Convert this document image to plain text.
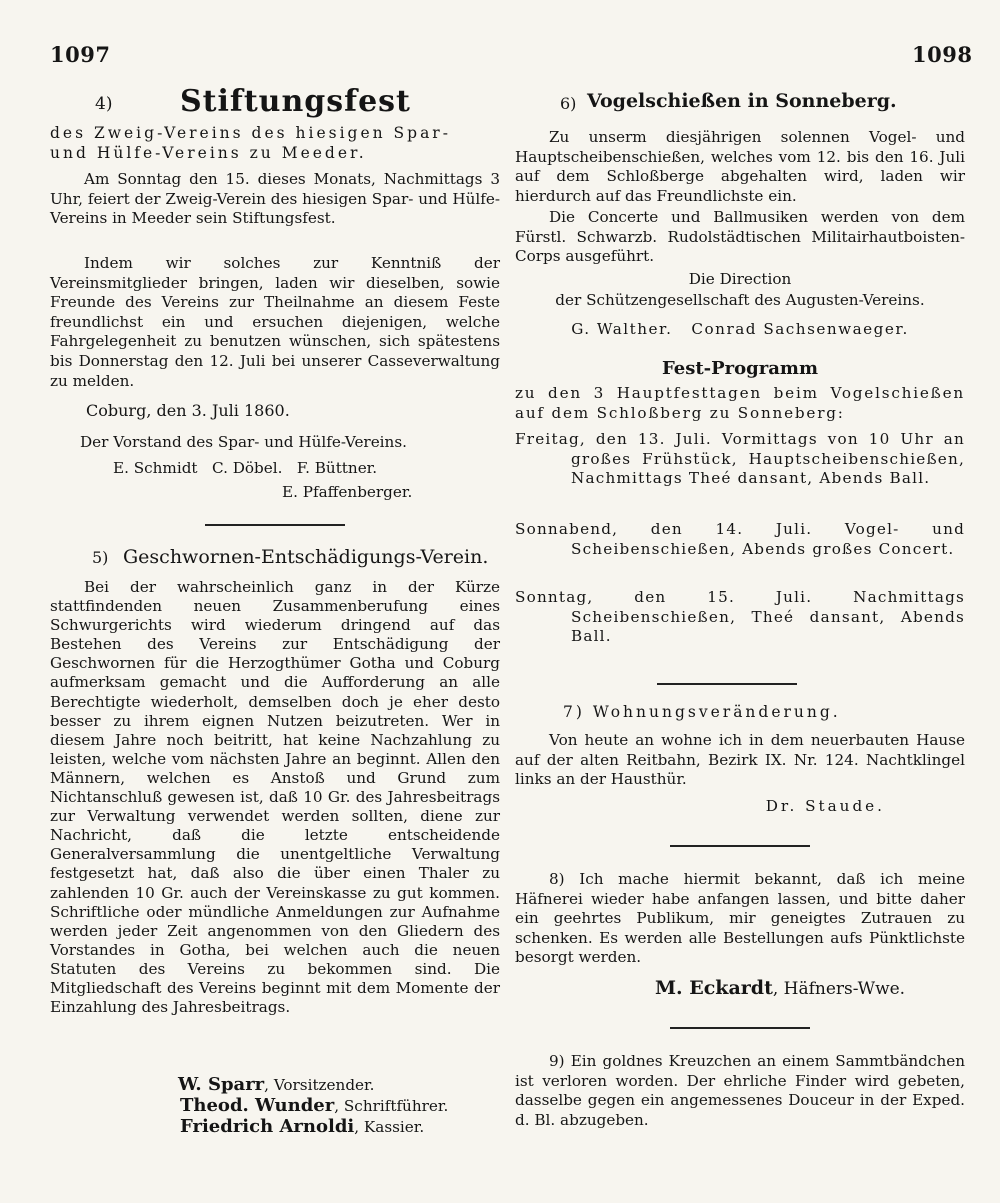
1097	1098
4) Stiftungsfest

des Zweig-Vereins des hiesigen Spar-

und Hülfe-Vereins zu Meeder.

Am Sonntag den 15. dieses Monats, Nachmittags 3 Uhr, feiert der Zweig-Verein des hiesigen Spar- und Hülfe-Vereins in Meeder sein Stiftungsfest.

Indem wir solches zur Kenntniß der Vereinsmitglieder bringen, laden wir dieselben, sowie Freunde des Vereins zur Theilnahme an diesem Feste freundlichst ein und ersuchen diejenigen, welche Fahrgelegenheit zu benutzen wünschen, sich spätestens bis Donnerstag den 12. Juli bei unserer Casseverwaltung zu melden.

Coburg, den 3. Juli 1860.

Der Vorstand des Spar- und Hülfe-Vereins.

E. Schmidt   C. Döbel.   F. Büttner.

E. Pfaffenberger.

5) Geschwornen-Entschädigungs-Verein.

Bei der wahrscheinlich ganz in der Kürze stattfindenden neuen Zusammenberufung eines Schwurgerichts wird wiederum dringend auf das Bestehen des Vereins zur Entschädigung der Geschwornen für die Herzogthümer Gotha und Coburg aufmerksam gemacht und die Aufforderung an alle Berechtigte wiederholt, demselben doch je eher desto besser zu ihrem eignen Nutzen beizutreten. Wer in diesem Jahre noch beitritt, hat keine Nachzahlung zu leisten, welche vom nächsten Jahre an beginnt. Allen den Männern, welchen es Anstoß und Grund zum Nichtanschluß gewesen ist, daß 10 Gr. des Jahresbeitrags zur Verwaltung verwendet werden sollten, diene zur Nachricht, daß die letzte entscheidende Generalversammlung die unentgeltliche Verwaltung festgesetzt hat, daß also die über einen Thaler zu zahlenden 10 Gr. auch der Vereinskasse zu gut kommen. Schriftliche oder mündliche Anmeldungen zur Aufnahme werden jeder Zeit angenommen von den Gliedern des Vorstandes in Gotha, bei welchen auch die neuen Statuten des Vereins zu bekommen sind. Die Mitgliedschaft des Vereins beginnt mit dem Momente der Einzahlung des Jahresbeitrags.

W. Sparr, Vorsitzender.

Theod. Wunder, Schriftführer.

Friedrich Arnoldi, Kassier.

6) Vogelschießen in Sonneberg.

Zu unserm diesjährigen solennen Vogel- und Hauptscheibenschießen, welches vom 12. bis den 16. Juli auf dem Schloßberge abgehalten wird, laden wir hierdurch auf das Freundlichste ein.

Die Concerte und Ballmusiken werden von dem Fürstl. Schwarzb. Rudolstädtischen Militairhautboisten-Corps ausgeführt.

Die Direction

der Schützengesellschaft des Augusten-Vereins.

G. Walther.   Conrad Sachsenwaeger.

Fest-Programm

zu den 3 Hauptfesttagen beim Vogelschießen auf dem Schloßberg zu Sonneberg:

Freitag, den 13. Juli. Vormittags von 10 Uhr an großes Frühstück, Hauptscheibenschießen, Nachmittags Theé dansant, Abends Ball.

Sonnabend, den 14. Juli. Vogel- und Scheibenschießen, Abends großes Concert.

Sonntag, den 15. Juli. Nachmittags Scheibenschießen, Theé dansant, Abends Ball.

7) Wohnungsveränderung.

Von heute an wohne ich in dem neuerbauten Hause auf der alten Reitbahn, Bezirk IX. Nr. 124. Nachtklingel links an der Hausthür.

Dr. Staude.

8) Ich mache hiermit bekannt, daß ich meine Häfnerei wieder habe anfangen lassen, und bitte daher ein geehrtes Publikum, mir geneigtes Zutrauen zu schenken. Es werden alle Bestellungen aufs Pünktlichste besorgt werden.

M. Eckardt, Häfners-Wwe.

9) Ein goldnes Kreuzchen an einem Sammtbändchen ist verloren worden. Der ehrliche Finder wird gebeten, dasselbe gegen ein angemessenes Douceur in der Exped. d. Bl. abzugeben.
